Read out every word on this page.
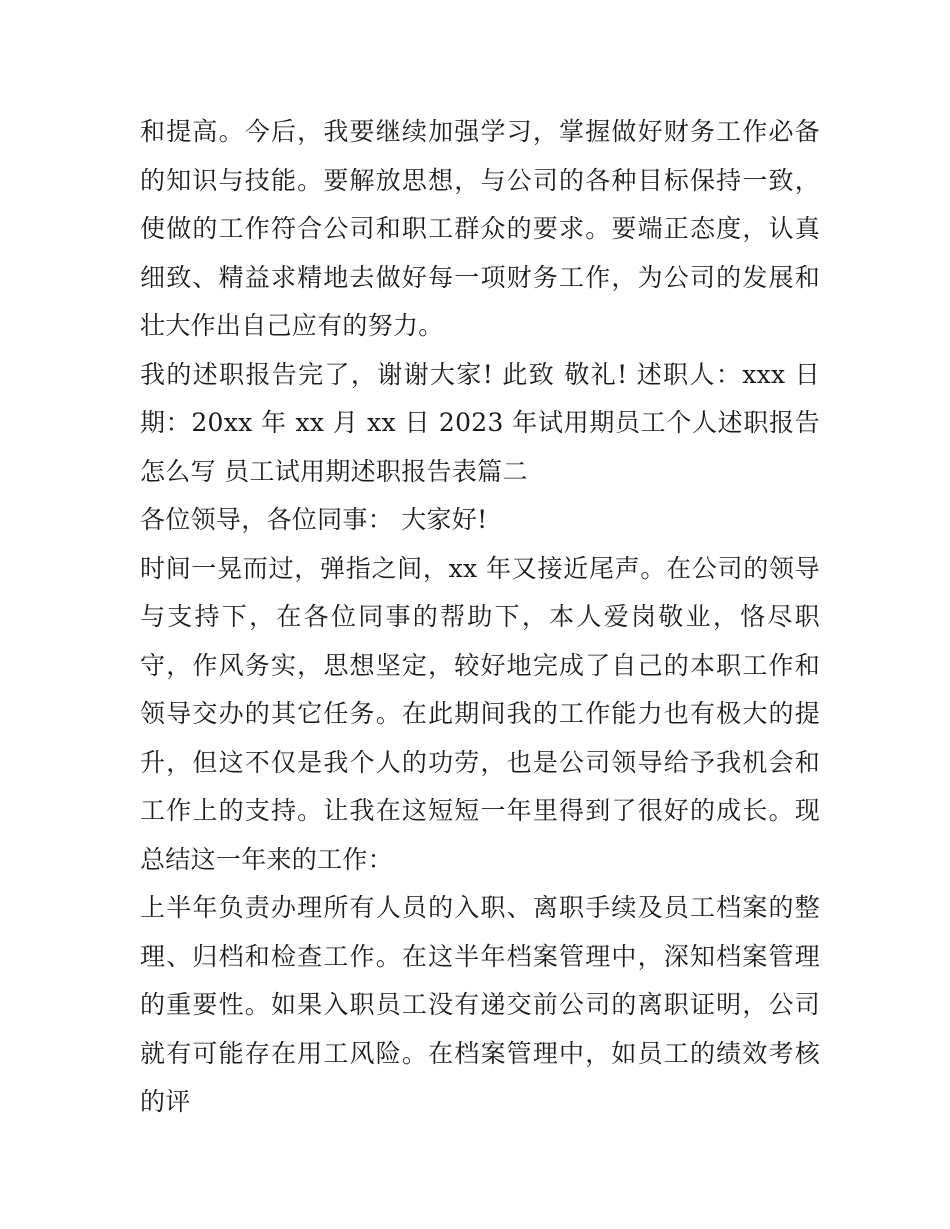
和提高。今后，我要继续加强学习，掌握做好财务工作必备的知识与技能。要解放思想，与公司的各种目标保持一致，使做的工作符合公司和职工群众的要求。要端正态度，认真细致、精益求精地去做好每一项财务工作，为公司的发展和壮大作出自己应有的努力。

我的述职报告完了，谢谢大家! 此致 敬礼! 述职人：xxx 日期：20xx 年 xx 月 xx 日 2023 年试用期员工个人述职报告怎么写 员工试用期述职报告表篇二

各位领导，各位同事： 大家好!

时间一晃而过，弹指之间，xx 年又接近尾声。在公司的领导与支持下，在各位同事的帮助下，本人爱岗敬业，恪尽职守，作风务实，思想坚定，较好地完成了自己的本职工作和领导交办的其它任务。在此期间我的工作能力也有极大的提升，但这不仅是我个人的功劳，也是公司领导给予我机会和工作上的支持。让我在这短短一年里得到了很好的成长。现总结这一年来的工作：

上半年负责办理所有人员的入职、离职手续及员工档案的整理、归档和检查工作。在这半年档案管理中，深知档案管理的重要性。如果入职员工没有递交前公司的离职证明，公司就有可能存在用工风险。在档案管理中，如员工的绩效考核的评
